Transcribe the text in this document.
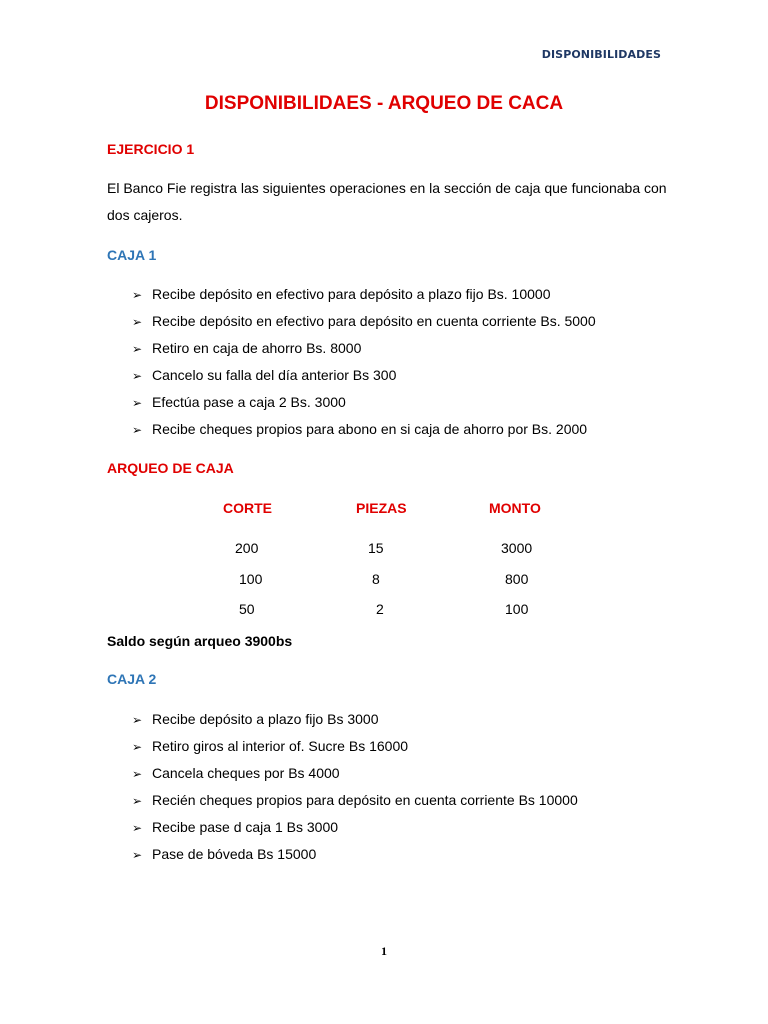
DISPONIBILIDADES
DISPONIBILIDAES - ARQUEO DE CACA
EJERCICIO 1
El Banco Fie registra las siguientes operaciones en la sección de caja que funcionaba con dos cajeros.
CAJA 1
➢ Recibe depósito en efectivo para depósito a plazo fijo Bs. 10000
➢ Recibe depósito en efectivo para depósito en cuenta corriente Bs. 5000
➢ Retiro en caja de ahorro Bs. 8000
➢ Cancelo su falla del día anterior Bs 300
➢ Efectúa pase a caja 2 Bs. 3000
➢ Recibe cheques propios para abono en si caja de ahorro por Bs. 2000
ARQUEO DE CAJA
CORTE	PIEZAS	MONTO
200	15	3000
100	8	800
50	2	100
Saldo según arqueo 3900bs
CAJA 2
➢ Recibe depósito a plazo fijo Bs 3000
➢ Retiro giros al interior of. Sucre Bs 16000
➢ Cancela cheques por Bs 4000
➢ Recién cheques propios para depósito en cuenta corriente Bs 10000
➢ Recibe pase d caja 1 Bs 3000
➢ Pase de bóveda Bs 15000
1
